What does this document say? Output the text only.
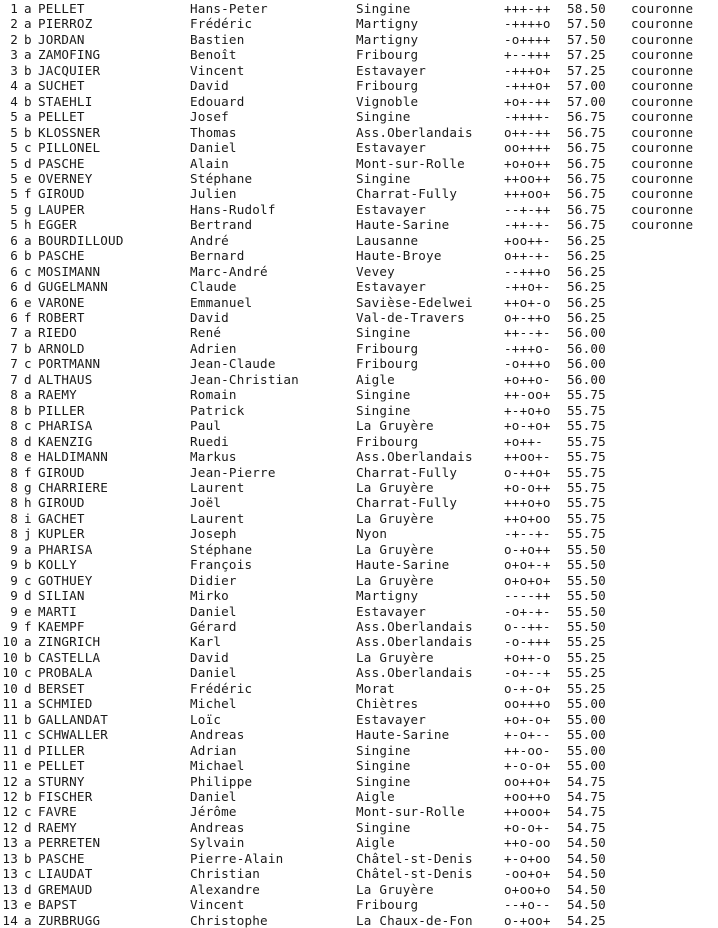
1 a PELLET	Hans-Peter	Singine	+++-++ 58.50 couronne
2 a PIERROZ	Frédéric	Martigny	-++++o 57.50 couronne
2 b JORDAN	Bastien	Martigny	-o++++ 57.50 couronne
3 a ZAMOFING	Benoît	Fribourg	+--+++ 57.25 couronne
3 b JACQUIER	Vincent	Estavayer	-+++o+ 57.25 couronne
4 a SUCHET	David	Fribourg	-+++o+ 57.00 couronne
4 b STAEHLI	Edouard	Vignoble	+o+-++ 57.00 couronne
5 a PELLET	Josef	Singine	-++++- 56.75 couronne
5 b KLOSSNER	Thomas	Ass.Oberlandais o++-++ 56.75 couronne
5 c PILLONEL	Daniel	Estavayer	oo++++ 56.75 couronne
5 d PASCHE	Alain	Mont-sur-Rolle	+o+o++ 56.75 couronne
5 e OVERNEY	Stéphane	Singine	++oo++ 56.75 couronne
5 f GIROUD	Julien	Charrat-Fully	+++oo+ 56.75 couronne
5 g LAUPER	Hans-Rudolf	Estavayer	--+-++ 56.75 couronne
5 h EGGER	Bertrand	Haute-Sarine	-++-+- 56.75 couronne
6 a BOURDILLOUD	André	Lausanne	+oo++- 56.25
6 b PASCHE	Bernard	Haute-Broye	o++-+- 56.25
6 c MOSIMANN	Marc-André	Vevey	--+++o 56.25
6 d GUGELMANN	Claude	Estavayer	-++o+- 56.25
6 e VARONE	Emmanuel	Savièse-Edelwei ++o+-o 56.25
6 f ROBERT	David	Val-de-Travers	o+-++o 56.25
7 a RIEDO	René	Singine	++--+- 56.00
7 b ARNOLD	Adrien	Fribourg	-+++o- 56.00
7 c PORTMANN	Jean-Claude	Fribourg	-o+++o 56.00
7 d ALTHAUS	Jean-Christian	Aigle	+o++o- 56.00
8 a RAEMY	Romain	Singine	++-oo+ 55.75
8 b PILLER	Patrick	Singine	+-+o+o 55.75
8 c PHARISA	Paul	La Gruyère	+o-+o+ 55.75
8 d KAENZIG	Ruedi	Fribourg	+o++- 55.75
8 e HALDIMANN	Markus	Ass.Oberlandais ++oo+- 55.75
8 f GIROUD	Jean-Pierre	Charrat-Fully	o-++o+ 55.75
8 g CHARRIERE	Laurent	La Gruyère	+o-o++ 55.75
8 h GIROUD	Joël	Charrat-Fully	+++o+o 55.75
8 i GACHET	Laurent	La Gruyère	++o+oo 55.75
8 j KUPLER	Joseph	Nyon	-+--+- 55.75
9 a PHARISA	Stéphane	La Gruyère	o-+o++ 55.50
9 b KOLLY	François	Haute-Sarine	o+o+-+ 55.50
9 c GOTHUEY	Didier	La Gruyère	o+o+o+ 55.50
9 d SILIAN	Mirko	Martigny	----++ 55.50
9 e MARTI	Daniel	Estavayer	-o+-+- 55.50
9 f KAEMPF	Gérard	Ass.Oberlandais o--++- 55.50
10 a ZINGRICH	Karl	Ass.Oberlandais -o-+++ 55.25
10 b CASTELLA	David	La Gruyère	+o++-o 55.25
10 c PROBALA	Daniel	Ass.Oberlandais -o+--+ 55.25
10 d BERSET	Frédéric	Morat	o-+-o+ 55.25
11 a SCHMIED	Michel	Chiètres	oo+++o 55.00
11 b GALLANDAT	Loïc	Estavayer	+o+-o+ 55.00
11 c SCHWALLER	Andreas	Haute-Sarine	+-o+-- 55.00
11 d PILLER	Adrian	Singine	++-oo- 55.00
11 e PELLET	Michael	Singine	+-o-o+ 55.00
12 a STURNY	Philippe	Singine	oo++o+ 54.75
12 b FISCHER	Daniel	Aigle	+oo++o 54.75
12 c FAVRE	Jérôme	Mont-sur-Rolle	++ooo+ 54.75
12 d RAEMY	Andreas	Singine	+o-o+- 54.75
13 a PERRETEN	Sylvain	Aigle	++o-oo 54.50
13 b PASCHE	Pierre-Alain	Châtel-st-Denis +-o+oo 54.50
13 c LIAUDAT	Christian	Châtel-st-Denis -oo+o+ 54.50
13 d GREMAUD	Alexandre	La Gruyère	o+oo+o 54.50
13 e BAPST	Vincent	Fribourg	--+o-- 54.50
14 a ZURBRUGG	Christophe	La Chaux-de-Fon o-+oo+ 54.25
